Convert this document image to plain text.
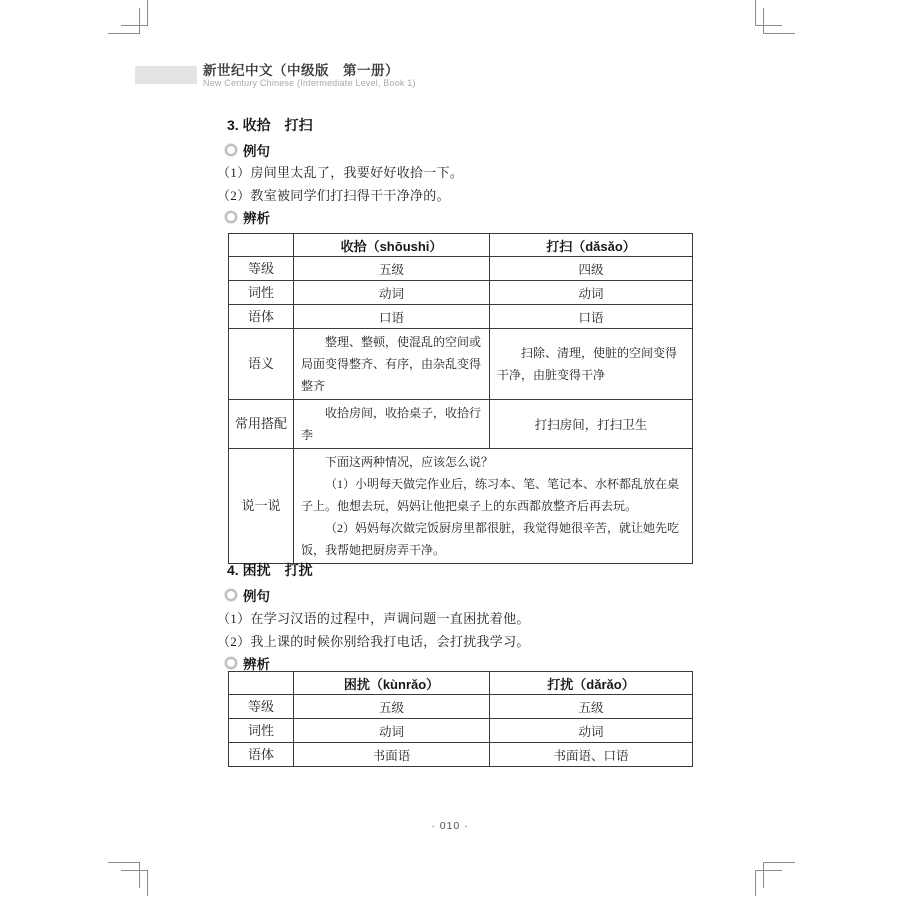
新世纪中文（中级版　第一册）
New Century Chinese (Intermediate Level, Book 1)
3. 收拾　打扫
例句
（1）房间里太乱了，我要好好收拾一下。
（2）教室被同学们打扫得干干净净的。
辨析
	收拾（shōushi）	打扫（dǎsǎo）
等级	五级	四级
词性	动词	动词
语体	口语	口语
语义	整理、整顿，使混乱的空间或局面变得整齐、有序，由杂乱变得整齐	扫除、清理，使脏的空间变得干净，由脏变得干净

常用搭配	收拾房间，收拾桌子，收拾行李	打扫房间，打扫卫生
说一说	下面这两种情况，应该怎么说？

（1）小明每天做完作业后，练习本、笔、笔记本、水杯都乱放在桌子上。他想去玩，妈妈让他把桌子上的东西都放整齐后再去玩。

（2）妈妈每次做完饭厨房里都很脏，我觉得她很辛苦，就让她先吃饭，我帮她把厨房弄干净。	

4. 困扰　打扰
例句
（1）在学习汉语的过程中，声调问题一直困扰着他。
（2）我上课的时候你别给我打电话，会打扰我学习。
辨析
	困扰（kùnrǎo）	打扰（dǎrǎo）
等级	五级	五级
词性	动词	动词
语体	书面语	书面语、口语
· 010 ·
